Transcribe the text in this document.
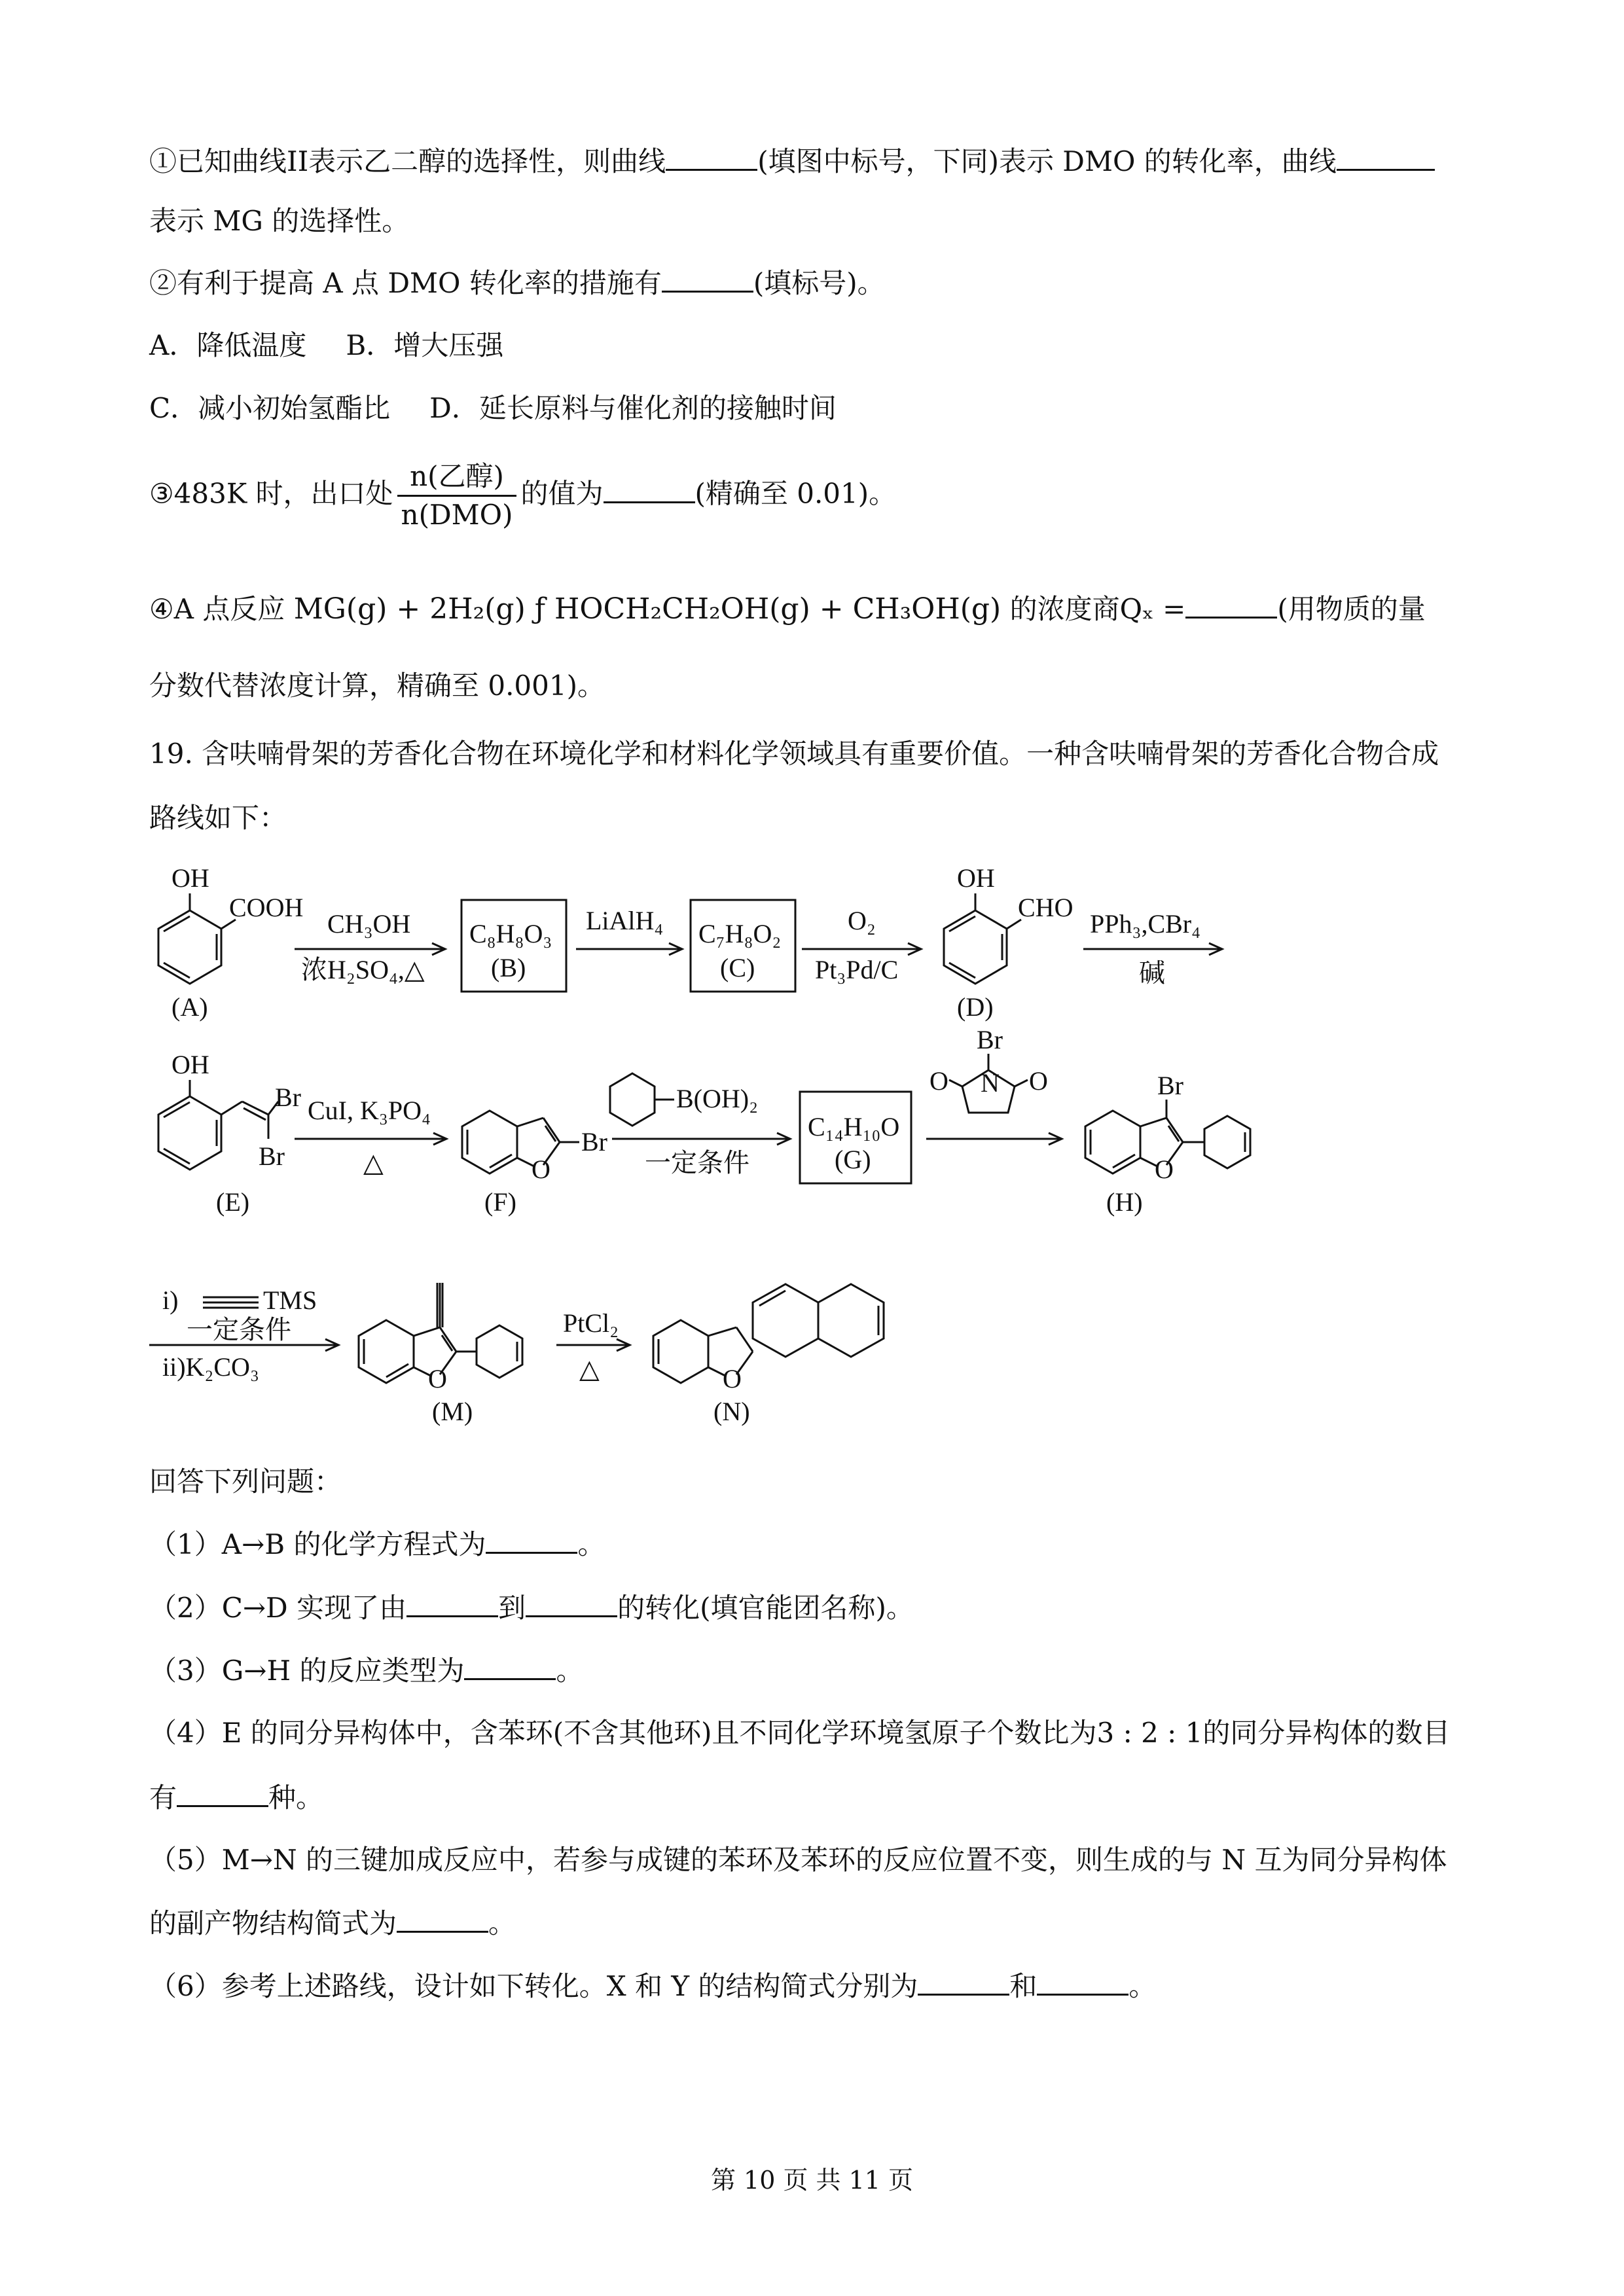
①已知曲线II表示乙二醇的选择性，则曲线	(填图中标号，下同)表示 DMO 的转化率，曲线
表示 MG 的选择性。
②有利于提高 A 点 DMO 转化率的措施有	(填标号)。
A．降低温度 B．增大压强
C．减小初始氢酯比 D．延长原料与催化剂的接触时间
③483K 时，出口处 $\frac{\text{n(乙醇)}}{\text{n(DMO)}}$ 的值为	(精确至 0.01)。
④A 点反应 MG(g) + 2H₂(g) ƒ HOCH₂CH₂OH(g) + CH₃OH(g) 的浓度商Qₓ =	(用物质的量
分数代替浓度计算，精确至 0.001)。
19. 含呋喃骨架的芳香化合物在环境化学和材料化学领域具有重要价值。一种含呋喃骨架的芳香化合物合成
路线如下：
OH
COOH
(A)
CH₃OH
浓H₂SO₄,△
C₈H₈O₃
(B)
LiAlH₄ C₇H₈O₂
(C)
O₂
Pt₃Pd/C
OH
CHO
(D)
PPh₃,CBr₄
碱
OH
Br
Br
(E)
CuI, K₃PO₄
△
Br
O
(F)
B(OH)₂
一定条件
C₁₄H₁₀O
(G)
Br
N
O	O	Br
O
(H)
i)	TMS
一定条件
ii)K₂CO₃	O
(M)
PtCl₂
△	O
(N)
回答下列问题：
（1）A→B 的化学方程式为	。
（2）C→D 实现了由	到	的转化(填官能团名称)。
（3）G→H 的反应类型为	。
（4）E 的同分异构体中，含苯环(不含其他环)且不同化学环境氢原子个数比为3 : 2 : 1的同分异构体的数目
有	种。
（5）M→N 的三键加成反应中，若参与成键的苯环及苯环的反应位置不变，则生成的与 N 互为同分异构体
的副产物结构简式为	。
（6）参考上述路线，设计如下转化。X 和 Y 的结构简式分别为	和	。
第 10 页 共 11 页
